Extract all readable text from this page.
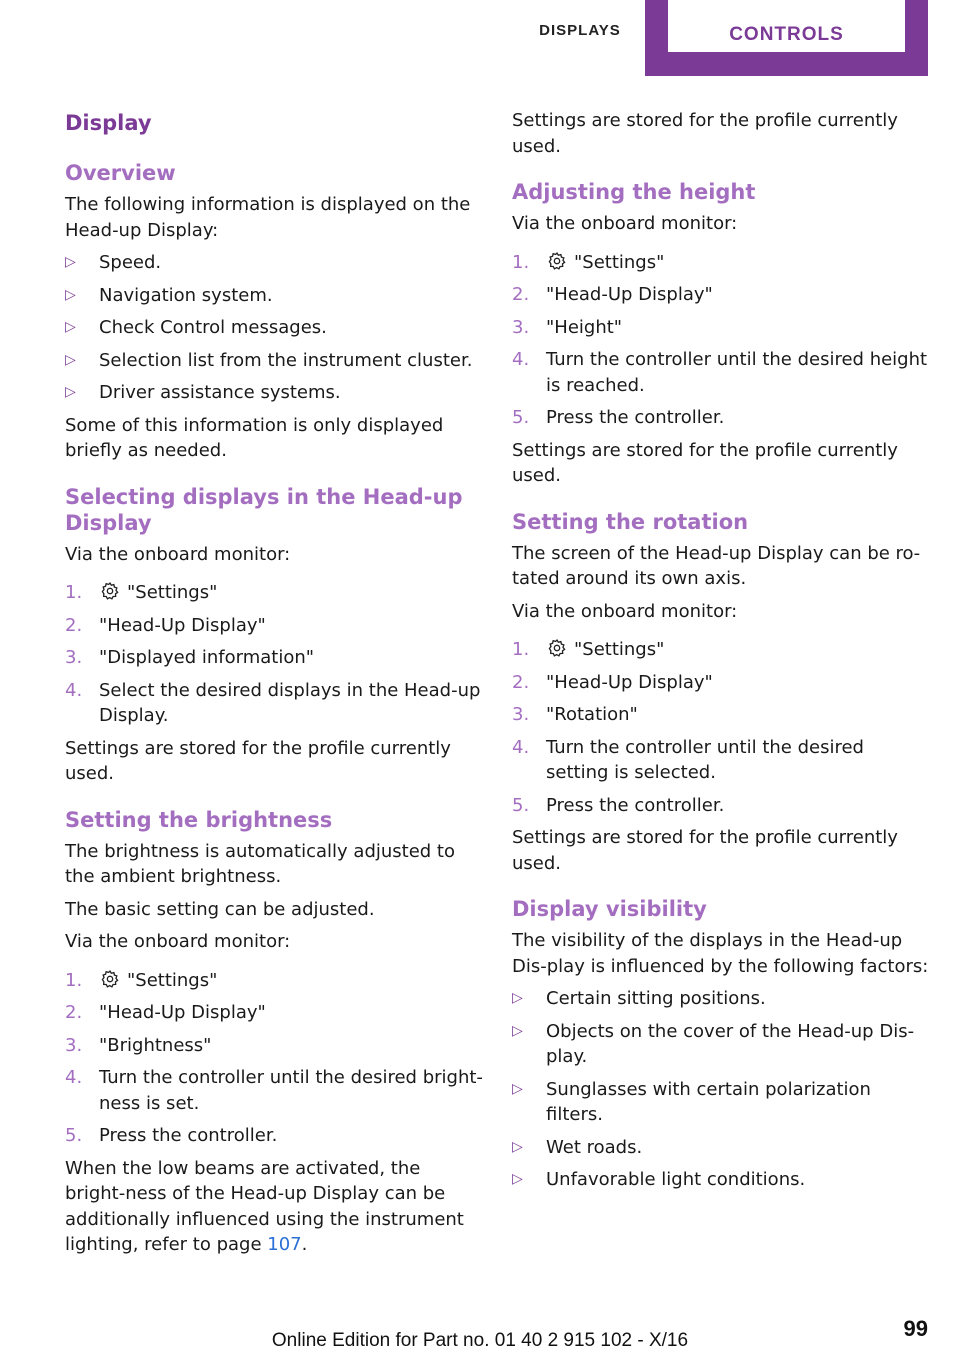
DISPLAYS	CONTROLS
Display
Overview

The following information is displayed on the Head-up Display:

▷ Speed.
▷ Navigation system.
▷ Check Control messages.
▷ Selection list from the instrument cluster.
▷ Driver assistance systems.

Some of this information is only displayed briefly as needed.

Selecting displays in the Head-up Display

Via the onboard monitor:

1. "Settings"
2. "Head-Up Display"
3. "Displayed information"
4. Select the desired displays in the Head-up Display.

Settings are stored for the profile currently used.

Setting the brightness

The brightness is automatically adjusted to the ambient brightness.

The basic setting can be adjusted.

Via the onboard monitor:

1. "Settings"
2. "Head-Up Display"
3. "Brightness"
4. Turn the controller until the desired bright‐ness is set.
5. Press the controller.

When the low beams are activated, the bright‐ness of the Head-up Display can be additionally influenced using the instrument lighting, refer to page 107.

Settings are stored for the profile currently used.

Adjusting the height

Via the onboard monitor:

1. "Settings"
2. "Head-Up Display"
3. "Height"
4. Turn the controller until the desired height is reached.
5. Press the controller.

Settings are stored for the profile currently used.

Setting the rotation

The screen of the Head-up Display can be ro‐tated around its own axis.

Via the onboard monitor:

1. "Settings"
2. "Head-Up Display"
3. "Rotation"
4. Turn the controller until the desired setting is selected.
5. Press the controller.

Settings are stored for the profile currently used.

Display visibility

The visibility of the displays in the Head-up Dis‐play is influenced by the following factors:

▷ Certain sitting positions.
▷ Objects on the cover of the Head-up Dis‐play.
▷ Sunglasses with certain polarization filters.
▷ Wet roads.
▷ Unfavorable light conditions.
Online Edition for Part no. 01 40 2 915 102 - X/16	99
